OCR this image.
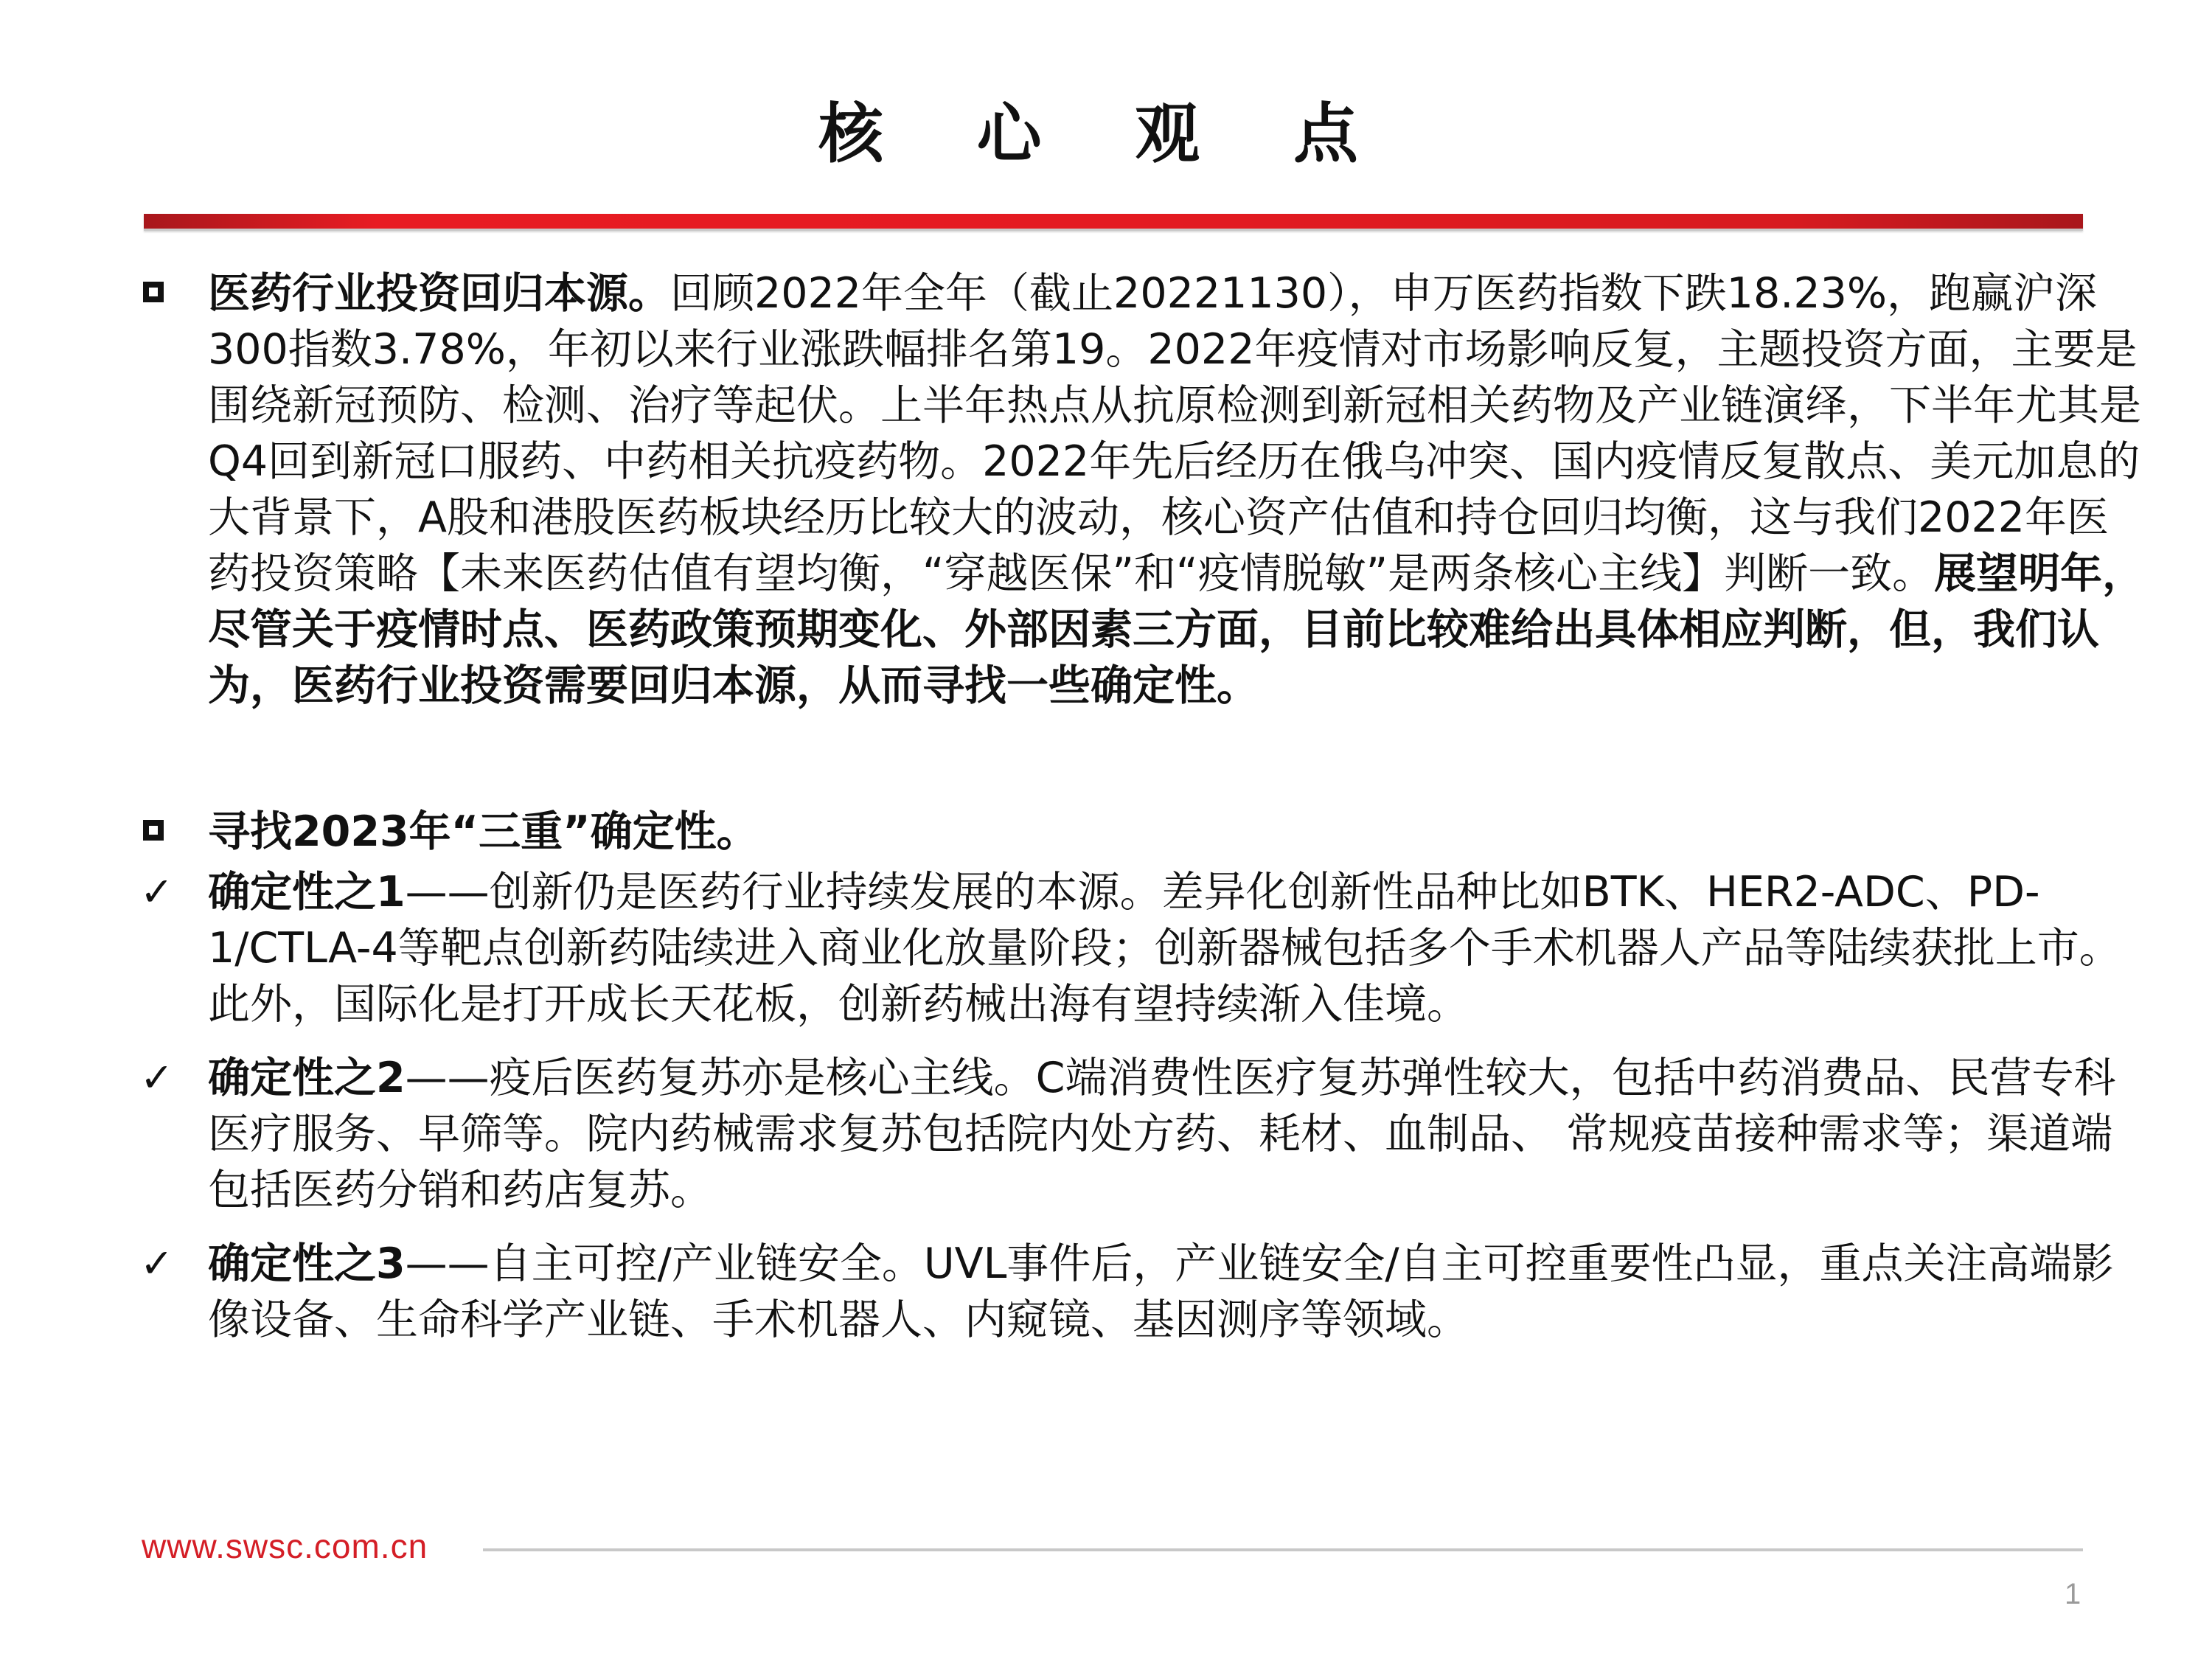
核 心 观 点

医药行业投资回归本源。回顾2022年全年（截止20221130），申万医药指数下跌18.23%，跑赢沪深300指数3.78%，年初以来行业涨跌幅排名第19。2022年疫情对市场影响反复，主题投资方面，主要是围绕新冠预防、检测、治疗等起伏。上半年热点从抗原检测到新冠相关药物及产业链演绎，下半年尤其是Q4回到新冠口服药、中药相关抗疫药物。2022年先后经历在俄乌冲突、国内疫情反复散点、美元加息的大背景下，A股和港股医药板块经历比较大的波动，核心资产估值和持仓回归均衡，这与我们2022年医药投资策略【未来医药估值有望均衡，“穿越医保”和“疫情脱敏”是两条核心主线】判断一致。展望明年，尽管关于疫情时点、医药政策预期变化、外部因素三方面，目前比较难给出具体相应判断，但，我们认为，医药行业投资需要回归本源，从而寻找一些确定性。

寻找2023年“三重”确定性。

✓ 确定性之1——创新仍是医药行业持续发展的本源。差异化创新性品种比如BTK、HER2-ADC、PD-1/CTLA-4等靶点创新药陆续进入商业化放量阶段；创新器械包括多个手术机器人产品等陆续获批上市。此外，国际化是打开成长天花板，创新药械出海有望持续渐入佳境。

✓ 确定性之2——疫后医药复苏亦是核心主线。C端消费性医疗复苏弹性较大，包括中药消费品、民营专科医疗服务、早筛等。院内药械需求复苏包括院内处方药、耗材、血制品、 常规疫苗接种需求等；渠道端包括医药分销和药店复苏。

✓ 确定性之3——自主可控/产业链安全。UVL事件后，产业链安全/自主可控重要性凸显，重点关注高端影像设备、生命科学产业链、手术机器人、内窥镜、基因测序等领域。

www.swsc.com.cn
1
